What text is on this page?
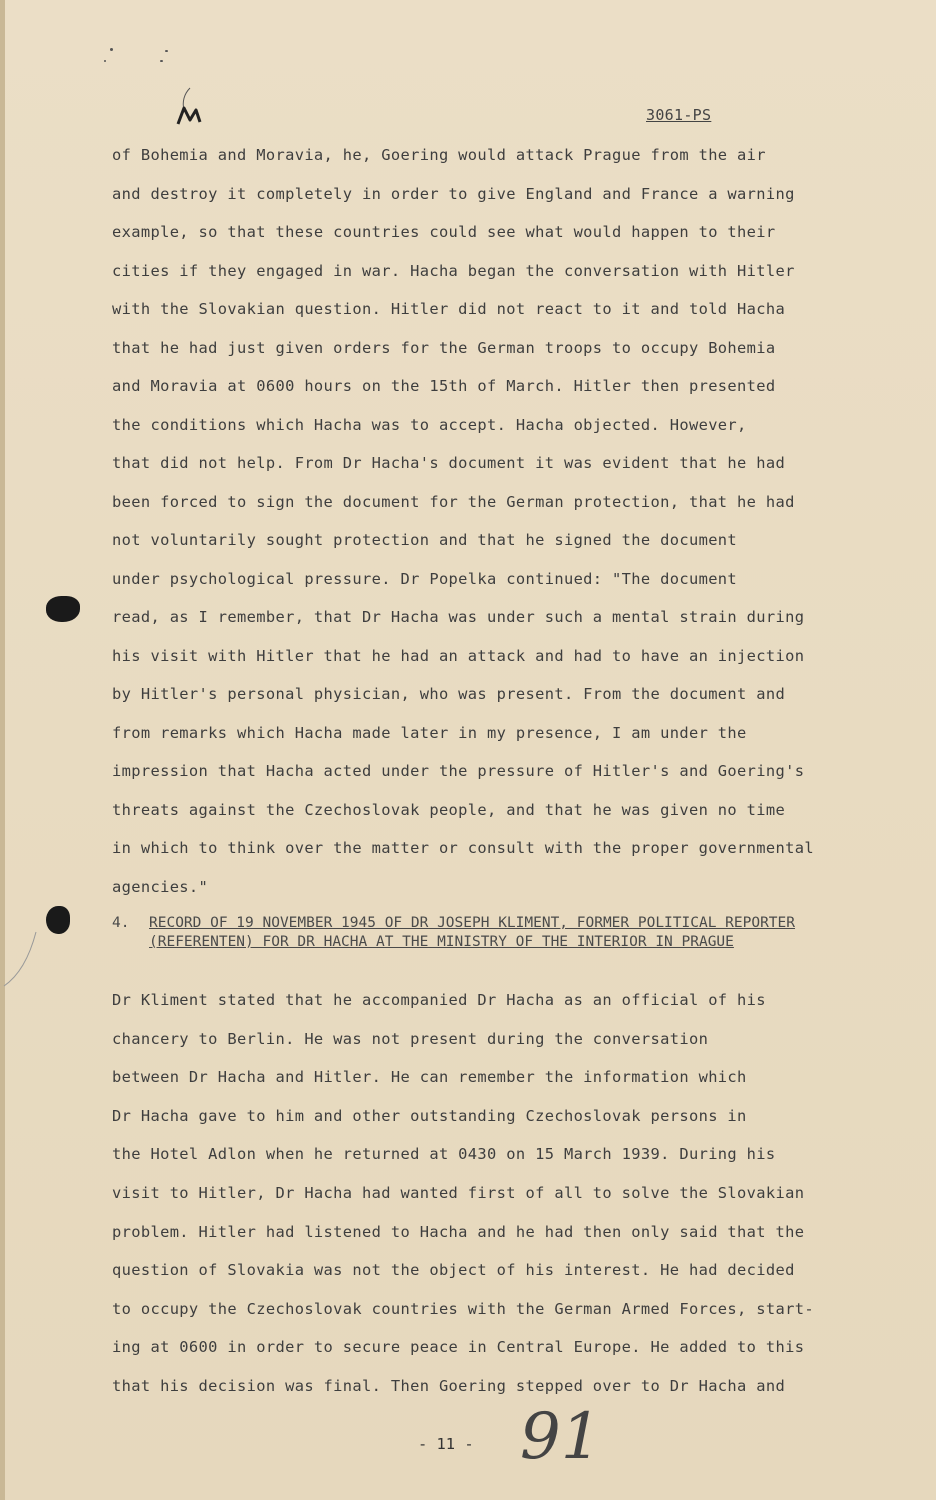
3061-PS
of Bohemia and Moravia, he, Goering would attack Prague from the air
and destroy it completely in order to give England and France a warning
example, so that these countries could see what would happen to their
cities if they engaged in war. Hacha began the conversation with Hitler
with the Slovakian question. Hitler did not react to it and told Hacha
that he had just given orders for the German troops to occupy Bohemia
and Moravia at 0600 hours on the 15th of March. Hitler then presented
the conditions which Hacha was to accept. Hacha objected. However,
that did not help. From Dr Hacha's document it was evident that he had
been forced to sign the document for the German protection, that he had
not voluntarily sought protection and that he signed the document
under psychological pressure. Dr Popelka continued: "The document
read, as I remember, that Dr Hacha was under such a mental strain during
his visit with Hitler that he had an attack and had to have an injection
by Hitler's personal physician, who was present. From the document and
from remarks which Hacha made later in my presence, I am under the
impression that Hacha acted under the pressure of Hitler's and Goering's
threats against the Czechoslovak people, and that he was given no time
in which to think over the matter or consult with the proper governmental
agencies."
4. RECORD OF 19 NOVEMBER 1945 OF DR JOSEPH KLIMENT, FORMER POLITICAL REPORTER (REFERENTEN) FOR DR HACHA AT THE MINISTRY OF THE INTERIOR IN PRAGUE
Dr Kliment stated that he accompanied Dr Hacha as an official of his
chancery to Berlin. He was not present during the conversation
between Dr Hacha and Hitler. He can remember the information which
Dr Hacha gave to him and other outstanding Czechoslovak persons in
the Hotel Adlon when he returned at 0430 on 15 March 1939. During his
visit to Hitler, Dr Hacha had wanted first of all to solve the Slovakian
problem. Hitler had listened to Hacha and he had then only said that the
question of Slovakia was not the object of his interest. He had decided
to occupy the Czechoslovak countries with the German Armed Forces, start-
ing at 0600 in order to secure peace in Central Europe. He added to this
that his decision was final. Then Goering stepped over to Dr Hacha and
- 11 - 91
